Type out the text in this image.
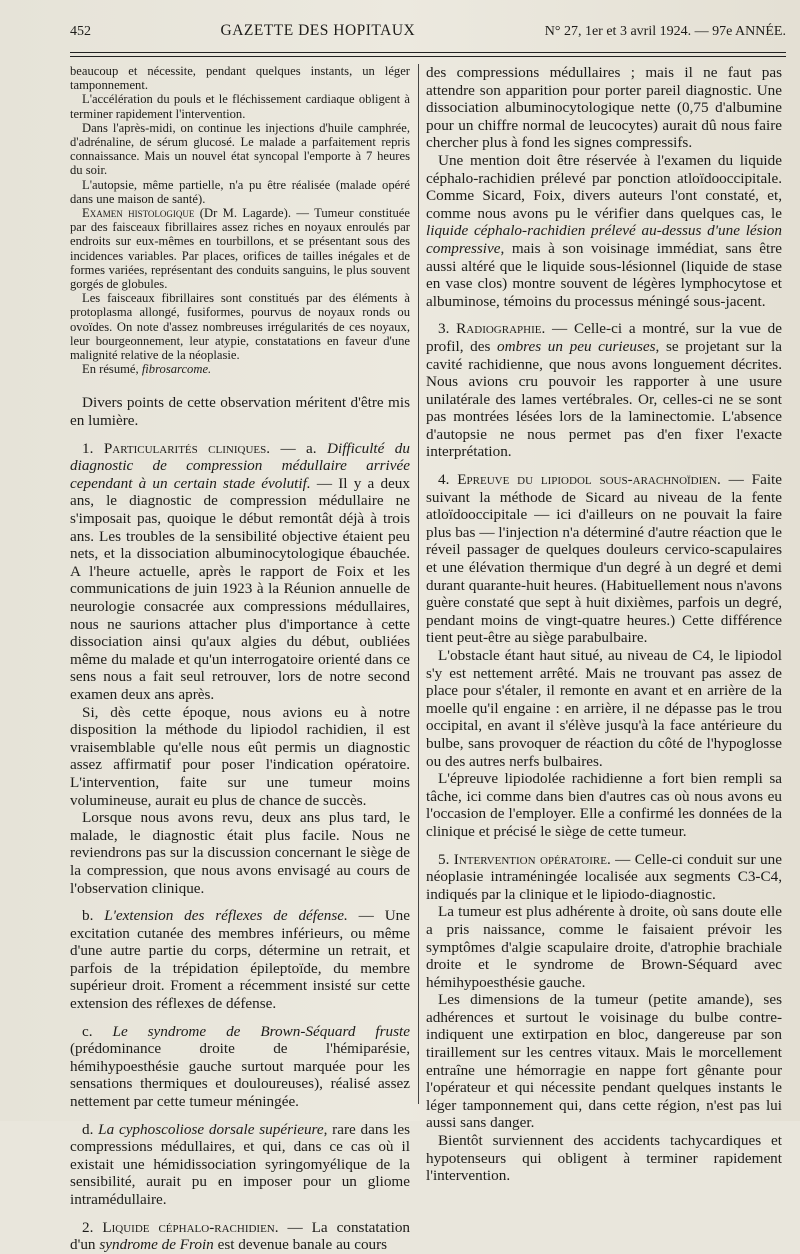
452	GAZETTE DES HOPITAUX	N° 27, 1er et 3 avril 1924. — 97e ANNÉE.

beaucoup et nécessite, pendant quelques instants, un léger tamponnement.

L'accélération du pouls et le fléchissement cardiaque obligent à terminer rapidement l'intervention.

Dans l'après-midi, on continue les injections d'huile camphrée, d'adrénaline, de sérum glucosé. Le malade a parfaitement repris connaissance. Mais un nouvel état syncopal l'emporte à 7 heures du soir.

L'autopsie, même partielle, n'a pu être réalisée (malade opéré dans une maison de santé).

Examen histologique (Dr M. Lagarde). — Tumeur constituée par des faisceaux fibrillaires assez riches en noyaux enroulés par endroits sur eux-mêmes en tourbillons, et se présentant sous des incidences variables. Par places, orifices de tailles inégales et de formes variées, représentant des conduits sanguins, le plus souvent gorgés de globules.

Les faisceaux fibrillaires sont constitués par des éléments à protoplasma allongé, fusiformes, pourvus de noyaux ronds ou ovoïdes. On note d'assez nombreuses irrégularités de ces noyaux, leur bourgeonnement, leur atypie, constatations en faveur d'une malignité relative de la néoplasie.

En résumé, fibrosarcome.

Divers points de cette observation méritent d'être mis en lumière.

1. Particularités cliniques. — a. Difficulté du diagnostic de compression médullaire arrivée cependant à un certain stade évolutif. — Il y a deux ans, le diagnostic de compression médullaire ne s'imposait pas, quoique le début remontât déjà à trois ans. Les troubles de la sensibilité objective étaient peu nets, et la dissociation albuminocytologique ébauchée. A l'heure actuelle, après le rapport de Foix et les communications de juin 1923 à la Réunion annuelle de neurologie consacrée aux compressions médullaires, nous ne saurions attacher plus d'importance à cette dissociation ainsi qu'aux algies du début, oubliées même du malade et qu'un interrogatoire orienté dans ce sens nous a fait seul retrouver, lors de notre second examen deux ans après.

Si, dès cette époque, nous avions eu à notre disposition la méthode du lipiodol rachidien, il est vraisemblable qu'elle nous eût permis un diagnostic assez affirmatif pour poser l'indication opératoire. L'intervention, faite sur une tumeur moins volumineuse, aurait eu plus de chance de succès.

Lorsque nous avons revu, deux ans plus tard, le malade, le diagnostic était plus facile. Nous ne reviendrons pas sur la discussion concernant le siège de la compression, que nous avons envisagé au cours de l'observation clinique.

b. L'extension des réflexes de défense. — Une excitation cutanée des membres inférieurs, ou même d'une autre partie du corps, détermine un retrait, et parfois de la trépidation épileptoïde, du membre supérieur droit. Froment a récemment insisté sur cette extension des réflexes de défense.

c. Le syndrome de Brown-Séquard fruste (prédominance droite de l'hémiparésie, hémihypoesthésie gauche surtout marquée pour les sensations thermiques et douloureuses), réalisé assez nettement par cette tumeur méningée.

d. La cyphoscoliose dorsale supérieure, rare dans les compressions médullaires, et qui, dans ce cas où il existait une hémidissociation syringomyélique de la sensibilité, aurait pu en imposer pour un gliome intramédullaire.

2. Liquide céphalo-rachidien. — La constatation d'un syndrome de Froin est devenue banale au cours

des compressions médullaires ; mais il ne faut pas attendre son apparition pour porter pareil diagnostic. Une dissociation albuminocytologique nette (0,75 d'albumine pour un chiffre normal de leucocytes) aurait dû nous faire chercher plus à fond les signes compressifs.

Une mention doit être réservée à l'examen du liquide céphalo-rachidien prélevé par ponction atloïdooccipitale. Comme Sicard, Foix, divers auteurs l'ont constaté, et, comme nous avons pu le vérifier dans quelques cas, le liquide céphalo-rachidien prélevé au-dessus d'une lésion compressive, mais à son voisinage immédiat, sans être aussi altéré que le liquide sous-lésionnel (liquide de stase en vase clos) montre souvent de légères lymphocytose et albuminose, témoins du processus méningé sous-jacent.

3. Radiographie. — Celle-ci a montré, sur la vue de profil, des ombres un peu curieuses, se projetant sur la cavité rachidienne, que nous avons longuement décrites. Nous avions cru pouvoir les rapporter à une usure unilatérale des lames vertébrales. Or, celles-ci ne se sont pas montrées lésées lors de la laminectomie. L'absence d'autopsie ne nous permet pas d'en fixer l'exacte interprétation.

4. Epreuve du lipiodol sous-arachnoïdien. — Faite suivant la méthode de Sicard au niveau de la fente atloïdooccipitale — ici d'ailleurs on ne pouvait la faire plus bas — l'injection n'a déterminé d'autre réaction que le réveil passager de quelques douleurs cervico-scapulaires et une élévation thermique d'un degré à un degré et demi durant quarante-huit heures. (Habituellement nous n'avons guère constaté que sept à huit dixièmes, parfois un degré, pendant moins de vingt-quatre heures.) Cette différence tient peut-être au siège parabulbaire.

L'obstacle étant haut situé, au niveau de C4, le lipiodol s'y est nettement arrêté. Mais ne trouvant pas assez de place pour s'étaler, il remonte en avant et en arrière de la moelle qu'il engaine : en arrière, il ne dépasse pas le trou occipital, en avant il s'élève jusqu'à la face antérieure du bulbe, sans provoquer de réaction du côté de l'hypoglosse ou des autres nerfs bulbaires.

L'épreuve lipiodolée rachidienne a fort bien rempli sa tâche, ici comme dans bien d'autres cas où nous avons eu l'occasion de l'employer. Elle a confirmé les données de la clinique et précisé le siège de cette tumeur.

5. Intervention opératoire. — Celle-ci conduit sur une néoplasie intraméningée localisée aux segments C3-C4, indiqués par la clinique et le lipiodo-diagnostic.

La tumeur est plus adhérente à droite, où sans doute elle a pris naissance, comme le faisaient prévoir les symptômes d'algie scapulaire droite, d'atrophie brachiale droite et le syndrome de Brown-Séquard avec hémihypoesthésie gauche.

Les dimensions de la tumeur (petite amande), ses adhérences et surtout le voisinage du bulbe contre-indiquent une extirpation en bloc, dangereuse par son tiraillement sur les centres vitaux. Mais le morcellement entraîne une hémorragie en nappe fort gênante pour l'opérateur et qui nécessite pendant quelques instants le léger tamponnement qui, dans cette région, n'est pas lui aussi sans danger.

Bientôt surviennent des accidents tachycardiques et hypotenseurs qui obligent à terminer rapidement l'intervention.
